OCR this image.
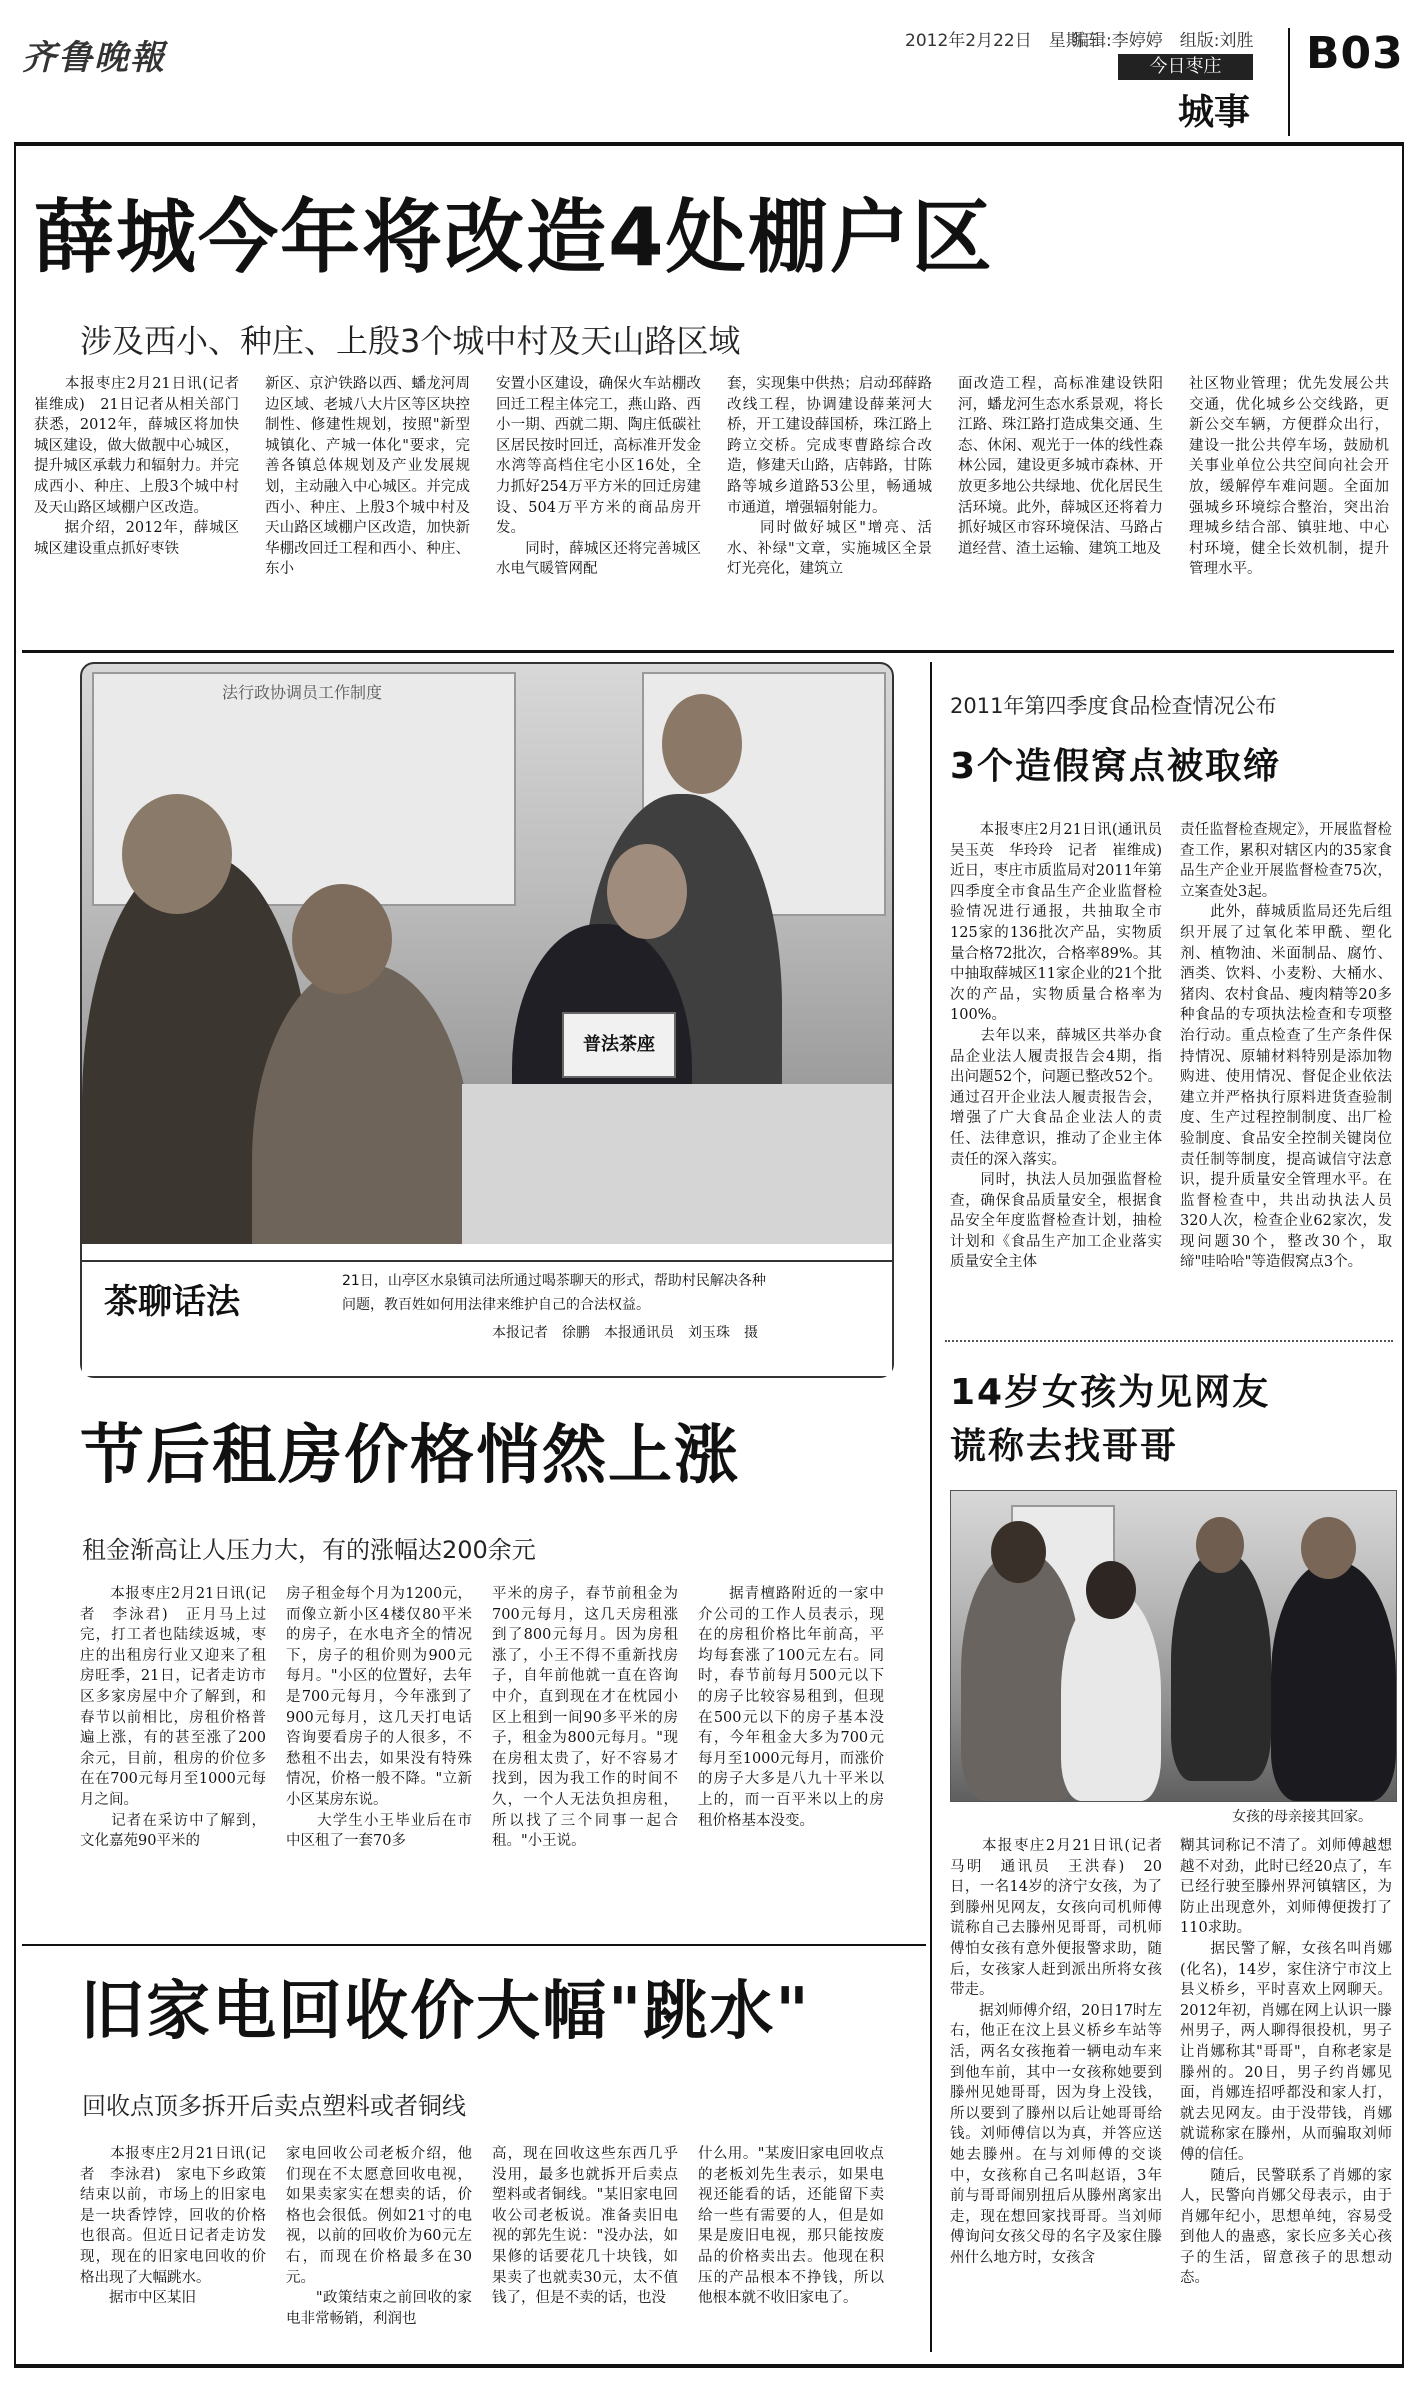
齐鲁晚報	2012年2月22日　星期三
编辑:李婷婷　组版:刘胜
今日枣庄
城事
B03
薛城今年将改造4处棚户区
涉及西小、种庄、上殷3个城中村及天山路区域
　　本报枣庄2月21日讯(记者　崔维成)　21日记者从相关部门获悉，2012年，薛城区将加快城区建设，做大做靓中心城区，提升城区承载力和辐射力。并完成西小、种庄、上殷3个城中村及天山路区域棚户区改造。
　　据介绍，2012年，薛城区城区建设重点抓好枣铁
新区、京沪铁路以西、蟠龙河周边区域、老城八大片区等区块控制性、修建性规划，按照"新型城镇化、产城一体化"要求，完善各镇总体规划及产业发展规划，主动融入中心城区。并完成西小、种庄、上殷3个城中村及天山路区域棚户区改造，加快新华棚改回迁工程和西小、种庄、东小
安置小区建设，确保火车站棚改回迁工程主体完工，燕山路、西小一期、西就二期、陶庄低碳社区居民按时回迁，高标准开发金水湾等高档住宅小区16处，全力抓好254万平方米的回迁房建设、504万平方米的商品房开发。
　　同时，薛城区还将完善城区水电气暖管网配
套，实现集中供热；启动邳薛路改线工程，协调建设薛莱河大桥，开工建设薛国桥，珠江路上跨立交桥。完成枣曹路综合改造，修建天山路，店韩路，甘陈路等城乡道路53公里，畅通城市通道，增强辐射能力。
　　同时做好城区"增亮、活水、补绿"文章，实施城区全景灯光亮化，建筑立
面改造工程，高标准建设铁阳河，蟠龙河生态水系景观，将长江路、珠江路打造成集交通、生态、休闲、观光于一体的线性森林公园，建设更多城市森林、开放更多地公共绿地、优化居民生活环境。此外，薛城区还将着力抓好城区市容环境保洁、马路占道经营、渣土运输、建筑工地及
社区物业管理；优先发展公共交通，优化城乡公交线路，更新公交车辆，方便群众出行，建设一批公共停车场，鼓励机关事业单位公共空间向社会开放，缓解停车难问题。全面加强城乡环境综合整治，突出治理城乡结合部、镇驻地、中心村环境，健全长效机制，提升管理水平。
法行政协调员工作制度
普法茶座
茶聊话法
21日，山亭区水泉镇司法所通过喝茶聊天的形式，帮助村民解决各种
问题，教百姓如何用法律来维护自己的合法权益。
本报记者　徐鹏　本报通讯员　刘玉珠　摄
2011年第四季度食品检查情况公布
3个造假窝点被取缔
　　本报枣庄2月21日讯(通讯员　吴玉英　华玲玲　记者　崔维成)　近日，枣庄市质监局对2011年第四季度全市食品生产企业监督检验情况进行通报，共抽取全市125家的136批次产品，实物质量合格72批次，合格率89%。其中抽取薛城区11家企业的21个批次的产品，实物质量合格率为100%。
　　去年以来，薛城区共举办食品企业法人履责报告会4期，指出问题52个，问题已整改52个。通过召开企业法人履责报告会，增强了广大食品企业法人的责任、法律意识，推动了企业主体责任的深入落实。
　　同时，执法人员加强监督检查，确保食品质量安全，根据食品安全年度监督检查计划，抽检计划和《食品生产加工企业落实质量安全主体
责任监督检查规定》，开展监督检查工作，累积对辖区内的35家食品生产企业开展监督检查75次，立案查处3起。
　　此外，薛城质监局还先后组织开展了过氧化苯甲酰、塑化剂、植物油、米面制品、腐竹、酒类、饮料、小麦粉、大桶水、猪肉、农村食品、瘦肉精等20多种食品的专项执法检查和专项整治行动。重点检查了生产条件保持情况、原辅材料特别是添加物购进、使用情况、督促企业依法建立并严格执行原料进货查验制度、生产过程控制制度、出厂检验制度、食品安全控制关键岗位责任制等制度，提高诚信守法意识，提升质量安全管理水平。在监督检查中，共出动执法人员320人次，检查企业62家次，发现问题30个，整改30个，取缔"哇哈哈"等造假窝点3个。
14岁女孩为见网友
谎称去找哥哥
女孩的母亲接其回家。
　　本报枣庄2月21日讯(记者　马明　通讯员　王洪春)　20日，一名14岁的济宁女孩，为了到滕州见网友，女孩向司机师傅谎称自己去滕州见哥哥，司机师傅怕女孩有意外便报警求助，随后，女孩家人赶到派出所将女孩带走。
　　据刘师傅介绍，20日17时左右，他正在汶上县义桥乡车站等活，两名女孩拖着一辆电动车来到他车前，其中一女孩称她要到滕州见她哥哥，因为身上没钱，所以要到了滕州以后让她哥哥给钱。刘师傅信以为真，并答应送她去滕州。在与刘师傅的交谈中，女孩称自己名叫赵语，3年前与哥哥闹别扭后从滕州离家出走，现在想回家找哥哥。当刘师傅询问女孩父母的名字及家住滕州什么地方时，女孩含
糊其词称记不清了。刘师傅越想越不对劲，此时已经20点了，车已经行驶至滕州界河镇辖区，为防止出现意外，刘师傅便拨打了110求助。
　　据民警了解，女孩名叫肖娜(化名)，14岁，家住济宁市汶上县义桥乡，平时喜欢上网聊天。2012年初，肖娜在网上认识一滕州男子，两人聊得很投机，男子让肖娜称其"哥哥"，自称老家是滕州的。20日，男子约肖娜见面，肖娜连招呼都没和家人打，就去见网友。由于没带钱，肖娜就谎称家在滕州，从而骗取刘师傅的信任。
　　随后，民警联系了肖娜的家人，民警向肖娜父母表示，由于肖娜年纪小，思想单纯，容易受到他人的蛊惑，家长应多关心孩子的生活，留意孩子的思想动态。
节后租房价格悄然上涨
租金渐高让人压力大，有的涨幅达200余元
　　本报枣庄2月21日讯(记者　李泳君)　正月马上过完，打工者也陆续返城，枣庄的出租房行业又迎来了租房旺季，21日，记者走访市区多家房屋中介了解到，和春节以前相比，房租价格普遍上涨，有的甚至涨了200余元，目前，租房的价位多在在700元每月至1000元每月之间。
　　记者在采访中了解到，文化嘉苑90平米的
房子租金每个月为1200元，而像立新小区4楼仅80平米的房子，在水电齐全的情况下，房子的租价则为900元每月。"小区的位置好，去年是700元每月，今年涨到了900元每月，这几天打电话咨询要看房子的人很多，不愁租不出去，如果没有特殊情况，价格一般不降。"立新小区某房东说。
　　大学生小王毕业后在市中区租了一套70多
平米的房子，春节前租金为700元每月，这几天房租涨到了800元每月。因为房租涨了，小王不得不重新找房子，自年前他就一直在咨询中介，直到现在才在枕园小区上租到一间90多平米的房子，租金为800元每月。"现在房租太贵了，好不容易才找到，因为我工作的时间不久，一个人无法负担房租，所以找了三个同事一起合租。"小王说。
　　据青檀路附近的一家中介公司的工作人员表示，现在的房租价格比年前高，平均每套涨了100元左右。同时，春节前每月500元以下的房子比较容易租到，但现在500元以下的房子基本没有，今年租金大多为700元每月至1000元每月，而涨价的房子大多是八九十平米以上的，而一百平米以上的房租价格基本没变。
旧家电回收价大幅"跳水"
回收点顶多拆开后卖点塑料或者铜线
　　本报枣庄2月21日讯(记者　李泳君)　家电下乡政策结束以前，市场上的旧家电是一块香饽饽，回收的价格也很高。但近日记者走访发现，现在的旧家电回收的价格出现了大幅跳水。
　　据市中区某旧
家电回收公司老板介绍，他们现在不太愿意回收电视，如果卖家实在想卖的话，价格也会很低。例如21寸的电视，以前的回收价为60元左右，而现在价格最多在30元。
　　"政策结束之前回收的家电非常畅销，利润也
高，现在回收这些东西几乎没用，最多也就拆开后卖点塑料或者铜线。"某旧家电回收公司老板说。准备卖旧电视的郭先生说："没办法，如果修的话要花几十块钱，如果卖了也就卖30元，太不值钱了，但是不卖的话，也没
什么用。"某废旧家电回收点的老板刘先生表示，如果电视还能看的话，还能留下卖给一些有需要的人，但是如果是废旧电视，那只能按废品的价格卖出去。他现在积压的产品根本不挣钱，所以他根本就不收旧家电了。
